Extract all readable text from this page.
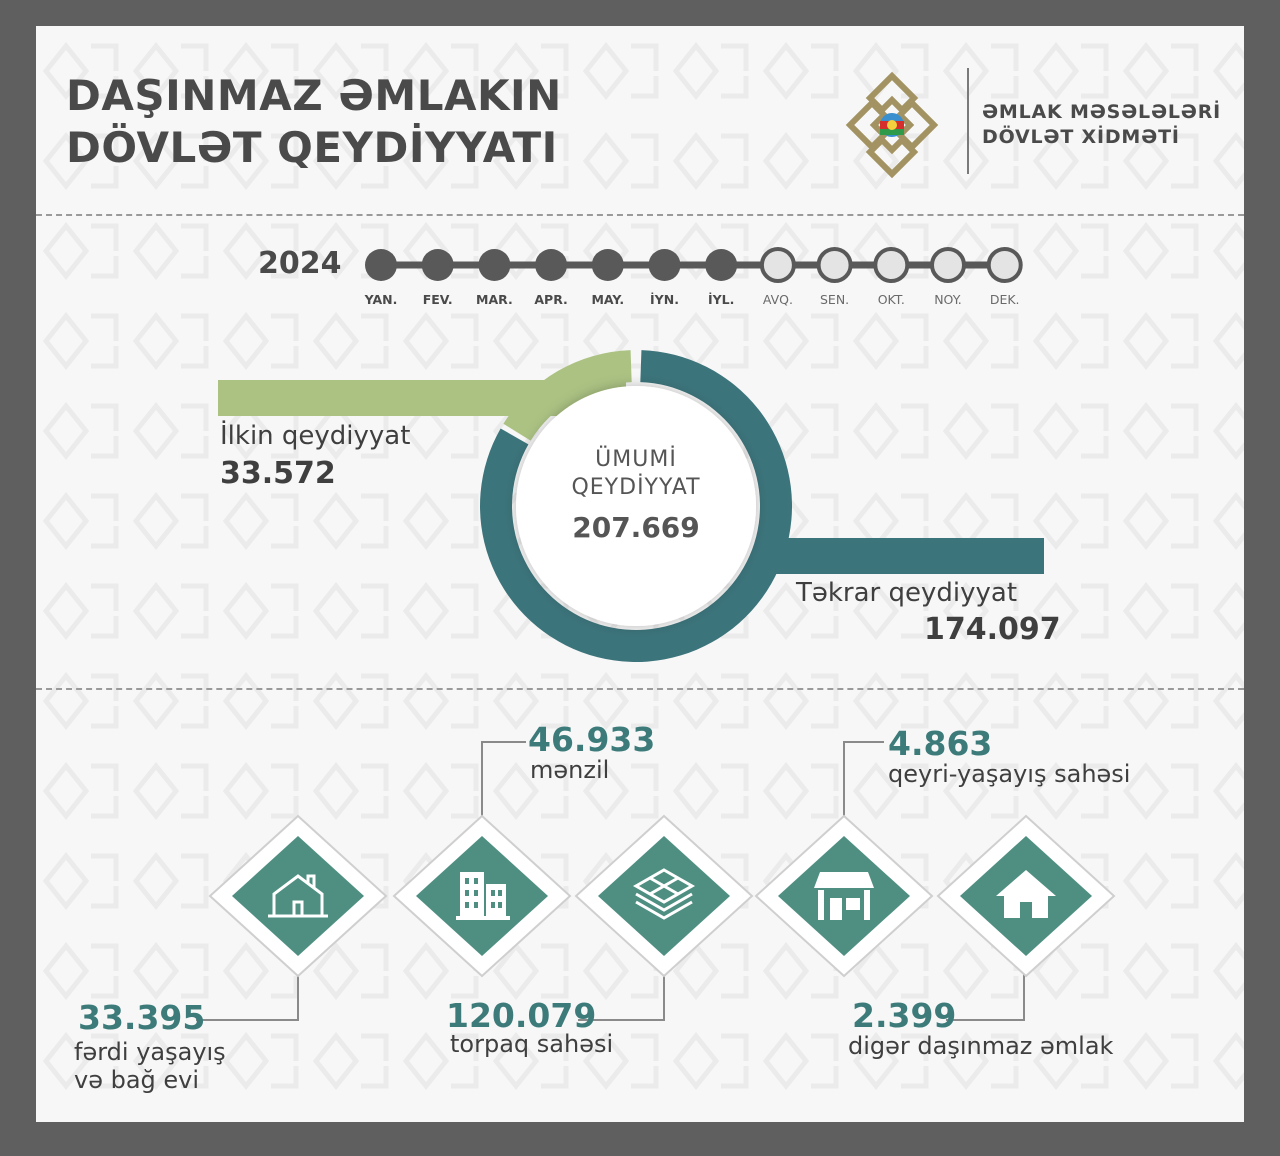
DAŞINMAZ ƏMLAKIN
DÖVLƏT QEYDİYYATI
ƏMLAK MƏSƏLƏLƏRİ
DÖVLƏT XİDMƏTİ
2024
YAN.	FEV.	MAR.	APR.	MAY.	İYN.	İYL.	AVQ.	SEN.	OKT.	NOY.	DEK.
ÜMUMİ
QEYDİYYAT
207.669
İlkin qeydiyyat
33.572
Təkrar qeydiyyat
174.097
33.395
fərdi yaşayış
və bağ evi
46.933
mənzil
120.079
torpaq sahəsi
4.863
qeyri-yaşayış sahəsi
2.399
digər daşınmaz əmlak
